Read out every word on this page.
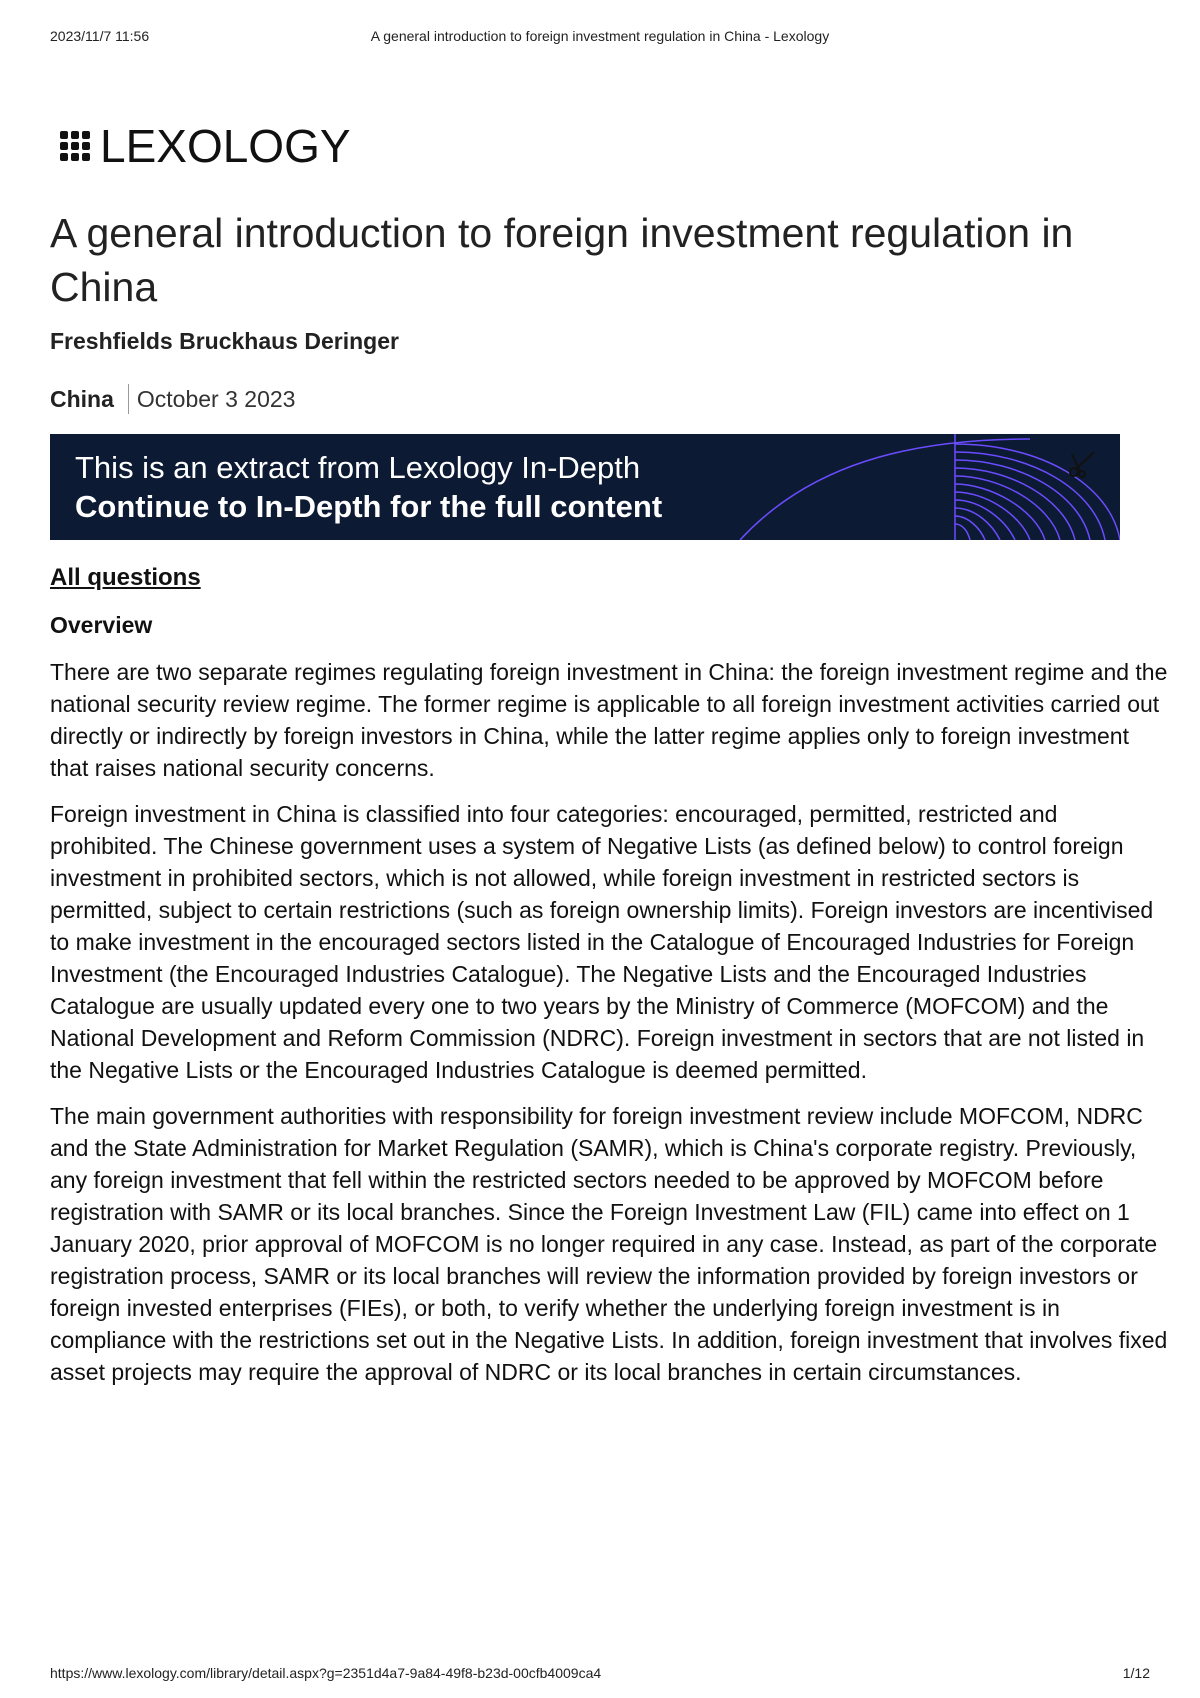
2023/11/7 11:56	A general introduction to foreign investment regulation in China - Lexology
LEXOLOGY
A general introduction to foreign investment regulation in China
Freshfields Bruckhaus Deringer
China October 3 2023
This is an extract from Lexology In-Depth
Continue to In-Depth for the full content
All questions
Overview

There are two separate regimes regulating foreign investment in China: the foreign investment regime and the national security review regime. The former regime is applicable to all foreign investment activities carried out directly or indirectly by foreign investors in China, while the latter regime applies only to foreign investment that raises national security concerns.

Foreign investment in China is classified into four categories: encouraged, permitted, restricted and prohibited. The Chinese government uses a system of Negative Lists (as defined below) to control foreign investment in prohibited sectors, which is not allowed, while foreign investment in restricted sectors is permitted, subject to certain restrictions (such as foreign ownership limits). Foreign investors are incentivised to make investment in the encouraged sectors listed in the Catalogue of Encouraged Industries for Foreign Investment (the Encouraged Industries Catalogue). The Negative Lists and the Encouraged Industries Catalogue are usually updated every one to two years by the Ministry of Commerce (MOFCOM) and the National Development and Reform Commission (NDRC). Foreign investment in sectors that are not listed in the Negative Lists or the Encouraged Industries Catalogue is deemed permitted.

The main government authorities with responsibility for foreign investment review include MOFCOM, NDRC and the State Administration for Market Regulation (SAMR), which is China's corporate registry. Previously, any foreign investment that fell within the restricted sectors needed to be approved by MOFCOM before registration with SAMR or its local branches. Since the Foreign Investment Law (FIL) came into effect on 1 January 2020, prior approval of MOFCOM is no longer required in any case. Instead, as part of the corporate registration process, SAMR or its local branches will review the information provided by foreign investors or foreign invested enterprises (FIEs), or both, to verify whether the underlying foreign investment is in compliance with the restrictions set out in the Negative Lists. In addition, foreign investment that involves fixed asset projects may require the approval of NDRC or its local branches in certain circumstances.

https://www.lexology.com/library/detail.aspx?g=2351d4a7-9a84-49f8-b23d-00cfb4009ca4	1/12
